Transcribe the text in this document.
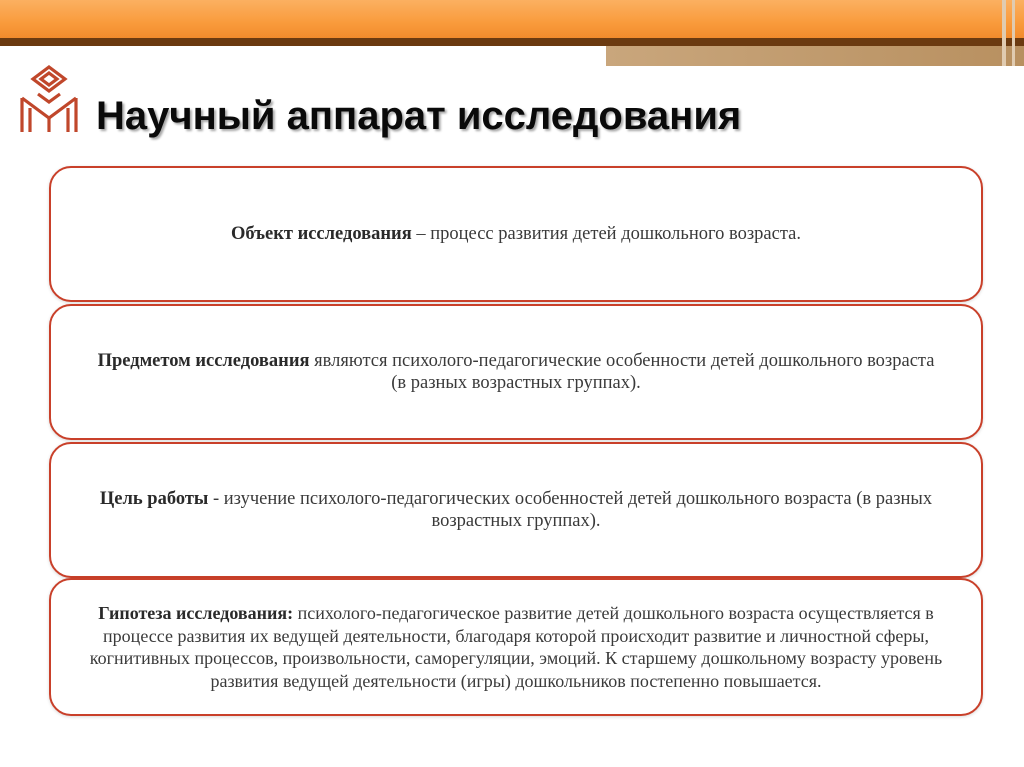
Научный аппарат исследования

Объект исследования – процесс развития детей дошкольного возраста.

Предметом исследования являются психолого-педагогические особенности детей дошкольного возраста (в разных возрастных группах).

Цель работы - изучение психолого-педагогических особенностей детей дошкольного возраста (в разных возрастных группах).

Гипотеза исследования: психолого-педагогическое развитие детей дошкольного возраста осуществляется в процессе развития их ведущей деятельности, благодаря которой происходит развитие и личностной сферы, когнитивных процессов, произвольности, саморегуляции, эмоций. К старшему дошкольному возрасту уровень развития ведущей деятельности (игры) дошкольников постепенно повышается.
